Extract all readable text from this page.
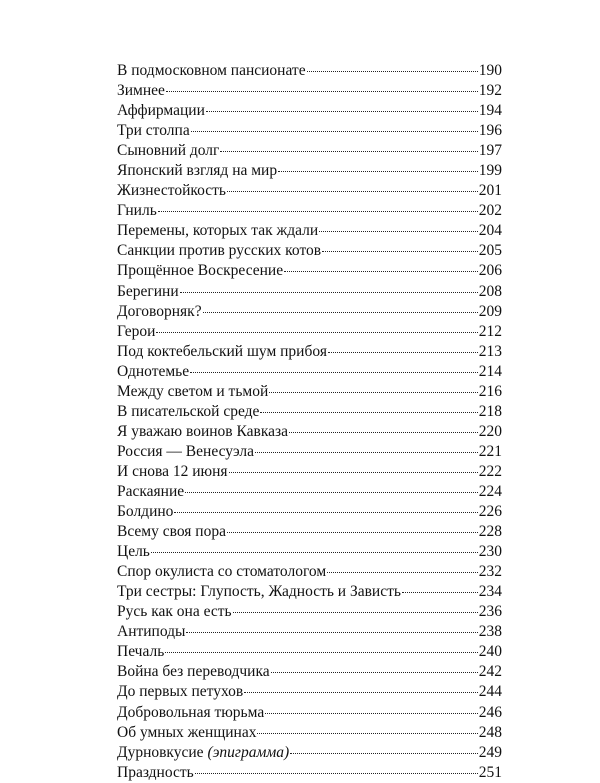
В подмосковном пансионате	190
Зимнее	192
Аффирмации	194
Три столпа	196
Сыновний долг	197
Японский взгляд на мир	199
Жизнестойкость	201
Гниль	202
Перемены, которых так ждали	204
Санкции против русских котов	205
Прощённое Воскресение	206
Берегини	208
Договорняк?	209
Герои	212
Под коктебельский шум прибоя	213
Однотемье	214
Между светом и тьмой	216
В писательской среде	218
Я уважаю воинов Кавказа	220
Россия — Венесуэла	221
И снова 12 июня	222
Раскаяние	224
Болдино	226
Всему своя пора	228
Цель	230
Спор окулиста со стоматологом	232
Три сестры: Глупость, Жадность и Зависть	234
Русь как она есть	236
Антиподы	238
Печаль	240
Война без переводчика	242
До первых петухов	244
Добровольная тюрьма	246
Об умных женщинах	248
Дурновкусие (эпиграмма)	249
Праздность	251
